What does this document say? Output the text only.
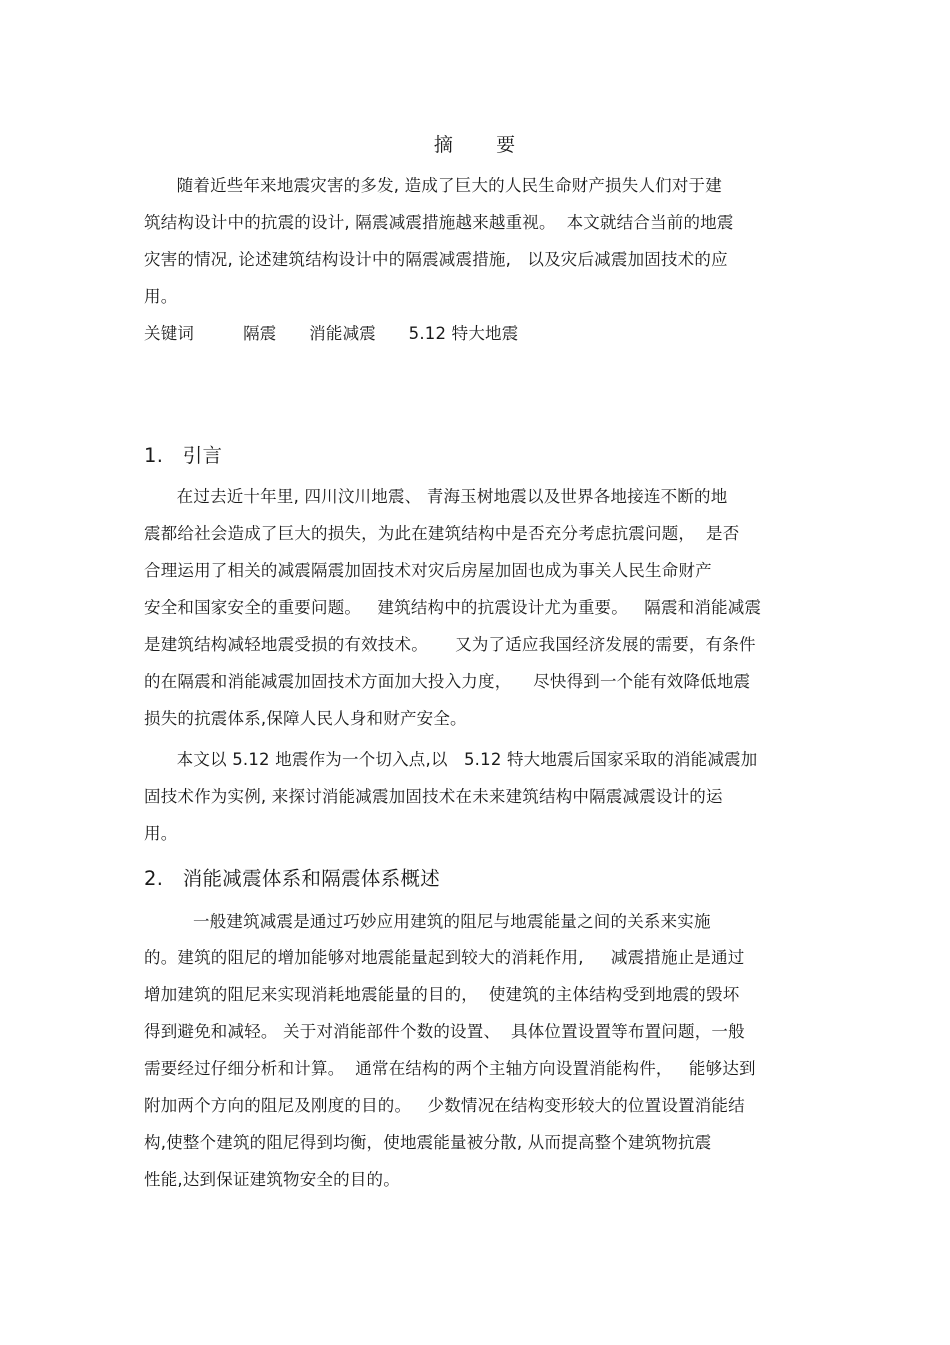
摘      要
随着近些年来地震灾害的多发, 造成了巨大的人民生命财产损失人们对于建
筑结构设计中的抗震的设计, 隔震减震措施越来越重视。  本文就结合当前的地震
灾害的情况, 论述建筑结构设计中的隔震减震措施,   以及灾后减震加固技术的应
用。
关键词         隔震      消能减震      5.12 特大地震
1.   引言
在过去近十年里, 四川汶川地震、 青海玉树地震以及世界各地接连不断的地
震都给社会造成了巨大的损失，为此在建筑结构中是否充分考虑抗震问题，  是否
合理运用了相关的减震隔震加固技术对灾后房屋加固也成为事关人民生命财产
安全和国家安全的重要问题。   建筑结构中的抗震设计尤为重要。   隔震和消能减震
是建筑结构减轻地震受损的有效技术。     又为了适应我国经济发展的需要，有条件
的在隔震和消能减震加固技术方面加大投入力度，    尽快得到一个能有效降低地震
损失的抗震体系,保障人民人身和财产安全。
本文以 5.12 地震作为一个切入点,以   5.12 特大地震后国家采取的消能减震加
固技术作为实例, 来探讨消能减震加固技术在未来建筑结构中隔震减震设计的运
用。
2.   消能减震体系和隔震体系概述
一般建筑减震是通过巧妙应用建筑的阻尼与地震能量之间的关系来实施
的。建筑的阻尼的增加能够对地震能量起到较大的消耗作用,     减震措施止是通过
增加建筑的阻尼来实现消耗地震能量的目的，  使建筑的主体结构受到地震的毁坏
得到避免和减轻。 关于对消能部件个数的设置、  具体位置设置等布置问题，一般
需要经过仔细分析和计算。  通常在结构的两个主轴方向设置消能构件，   能够达到
附加两个方向的阻尼及刚度的目的。   少数情况在结构变形较大的位置设置消能结
构,使整个建筑的阻尼得到均衡，使地震能量被分散, 从而提高整个建筑物抗震
性能,达到保证建筑物安全的目的。
